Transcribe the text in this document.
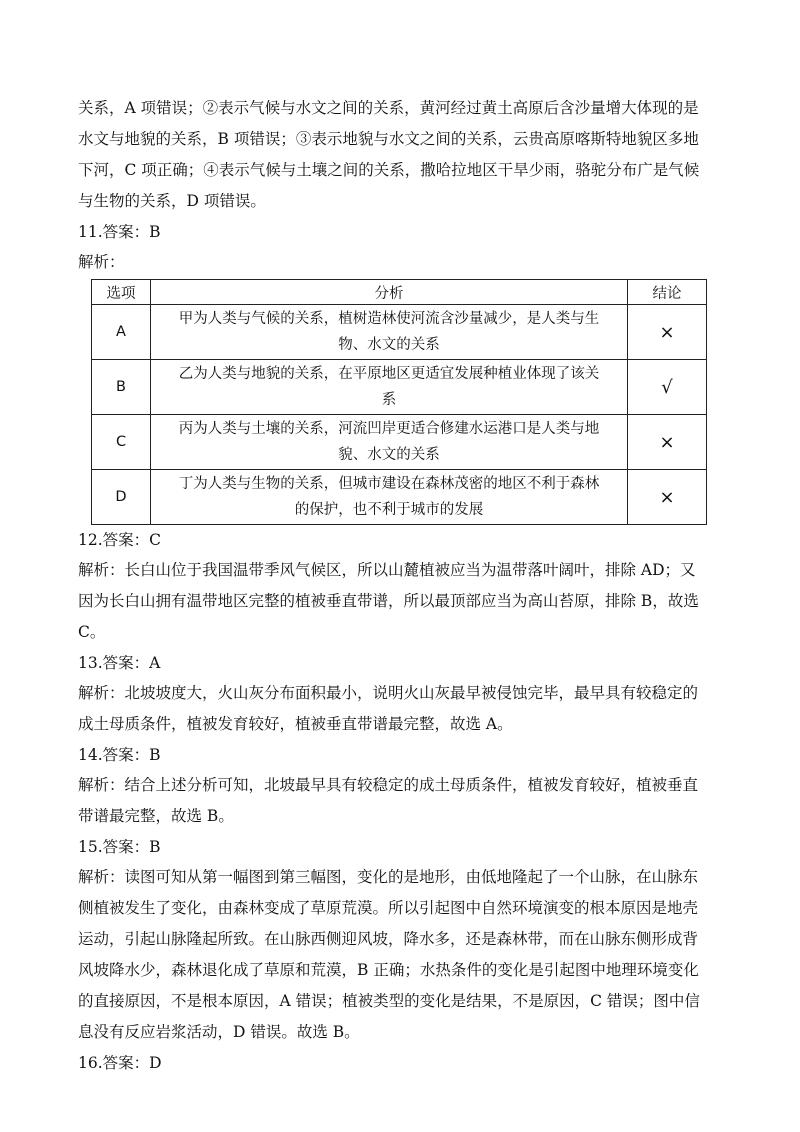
关系，A 项错误；②表示气候与水文之间的关系，黄河经过黄土高原后含沙量增大体现的是
水文与地貌的关系，B 项错误；③表示地貌与水文之间的关系，云贵高原喀斯特地貌区多地
下河，C 项正确；④表示气候与土壤之间的关系，撒哈拉地区干旱少雨，骆驼分布广是气候
与生物的关系，D 项错误。

11.答案：B

解析：

选项	分析	结论
A	甲为人类与气候的关系，植树造林使河流含沙量减少，是人类与生
物、水文的关系	×
B	乙为人类与地貌的关系，在平原地区更适宜发展种植业体现了该关
系	√
C	丙为人类与土壤的关系，河流凹岸更适合修建水运港口是人类与地
貌、水文的关系	×
D	丁为人类与生物的关系，但城市建设在森林茂密的地区不利于森林
的保护，也不利于城市的发展	×

12.答案：C

解析：长白山位于我国温带季风气候区，所以山麓植被应当为温带落叶阔叶，排除 AD；又
因为长白山拥有温带地区完整的植被垂直带谱，所以最顶部应当为高山苔原，排除 B，故选
C。

13.答案：A

解析：北坡坡度大，火山灰分布面积最小，说明火山灰最早被侵蚀完毕，最早具有较稳定的
成土母质条件，植被发育较好，植被垂直带谱最完整，故选 A。

14.答案：B

解析：结合上述分析可知，北坡最早具有较稳定的成土母质条件，植被发育较好，植被垂直
带谱最完整，故选 B。

15.答案：B

解析：读图可知从第一幅图到第三幅图，变化的是地形，由低地隆起了一个山脉，在山脉东
侧植被发生了变化，由森林变成了草原荒漠。所以引起图中自然环境演变的根本原因是地壳
运动，引起山脉隆起所致。在山脉西侧迎风坡，降水多，还是森林带，而在山脉东侧形成背
风坡降水少，森林退化成了草原和荒漠，B 正确；水热条件的变化是引起图中地理环境变化
的直接原因，不是根本原因，A 错误；植被类型的变化是结果，不是原因，C 错误；图中信
息没有反应岩浆活动，D 错误。故选 B。

16.答案：D
